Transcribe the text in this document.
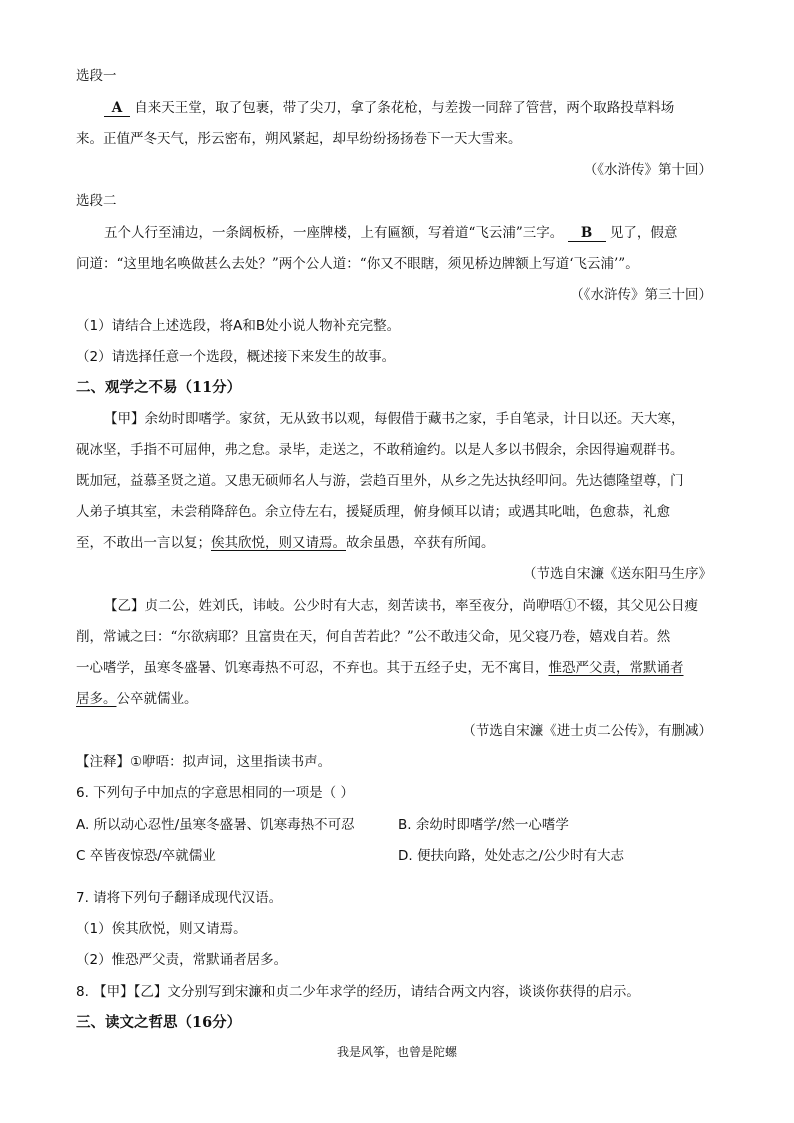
选段一
A 自来天王堂，取了包裹，带了尖刀，拿了条花枪，与差拨一同辞了管营，两个取路投草料场
来。正值严冬天气，彤云密布，朔风紧起，却早纷纷扬扬卷下一天大雪来。
（《水浒传》第十回）
选段二
五个人行至浦边，一条阔板桥，一座牌楼，上有匾额，写着道“飞云浦”三字。 B 见了，假意
问道：“这里地名唤做甚么去处？”两个公人道：“你又不眼瞎，须见桥边牌额上写道‘飞云浦’”。
（《水浒传》第三十回）
（1）请结合上述选段，将A和B处小说人物补充完整。
（2）请选择任意一个选段，概述接下来发生的故事。
二、观学之不易（11分）
【甲】余幼时即嗜学。家贫，无从致书以观，每假借于藏书之家，手自笔录，计日以还。天大寒，
砚冰坚，手指不可屈伸，弗之怠。录毕，走送之，不敢稍逾约。以是人多以书假余，余因得遍观群书。
既加冠，益慕圣贤之道。又患无硕师名人与游，尝趋百里外，从乡之先达执经叩问。先达德隆望尊，门
人弟子填其室，未尝稍降辞色。余立侍左右，援疑质理，俯身倾耳以请；或遇其叱咄，色愈恭，礼愈
至，不敢出一言以复；俟其欣悦，则又请焉。故余虽愚，卒获有所闻。
（节选自宋濂《送东阳马生序》
【乙】贞二公，姓刘氏，讳岐。公少时有大志，刻苦读书，率至夜分，尚咿唔①不辍，其父见公日瘦
削，常诫之曰：“尔欲病耶？且富贵在天，何自苦若此？”公不敢违父命，见父寝乃卷，嬉戏自若。然
一心嗜学，虽寒冬盛暑、饥寒毒热不可忍，不弃也。其于五经子史，无不寓目，惟恐严父责，常默诵者
居多。公卒就儒业。
（节选自宋濂《进士贞二公传》，有删减）
【注释】①咿唔：拟声词，这里指读书声。
6. 下列句子中加点的字意思相同的一项是（ ）
A. 所以动心忍性/虽寒冬盛暑、饥寒毒热不可忍	B. 余幼时即嗜学/然一心嗜学
C 卒皆夜惊恐/卒就儒业	D. 便扶向路，处处志之/公少时有大志
7. 请将下列句子翻译成现代汉语。
（1）俟其欣悦，则又请焉。
（2）惟恐严父责，常默诵者居多。
8. 【甲】【乙】文分别写到宋濂和贞二少年求学的经历，请结合两文内容，谈谈你获得的启示。
三、读文之哲思（16分）
我是风筝，也曾是陀螺
